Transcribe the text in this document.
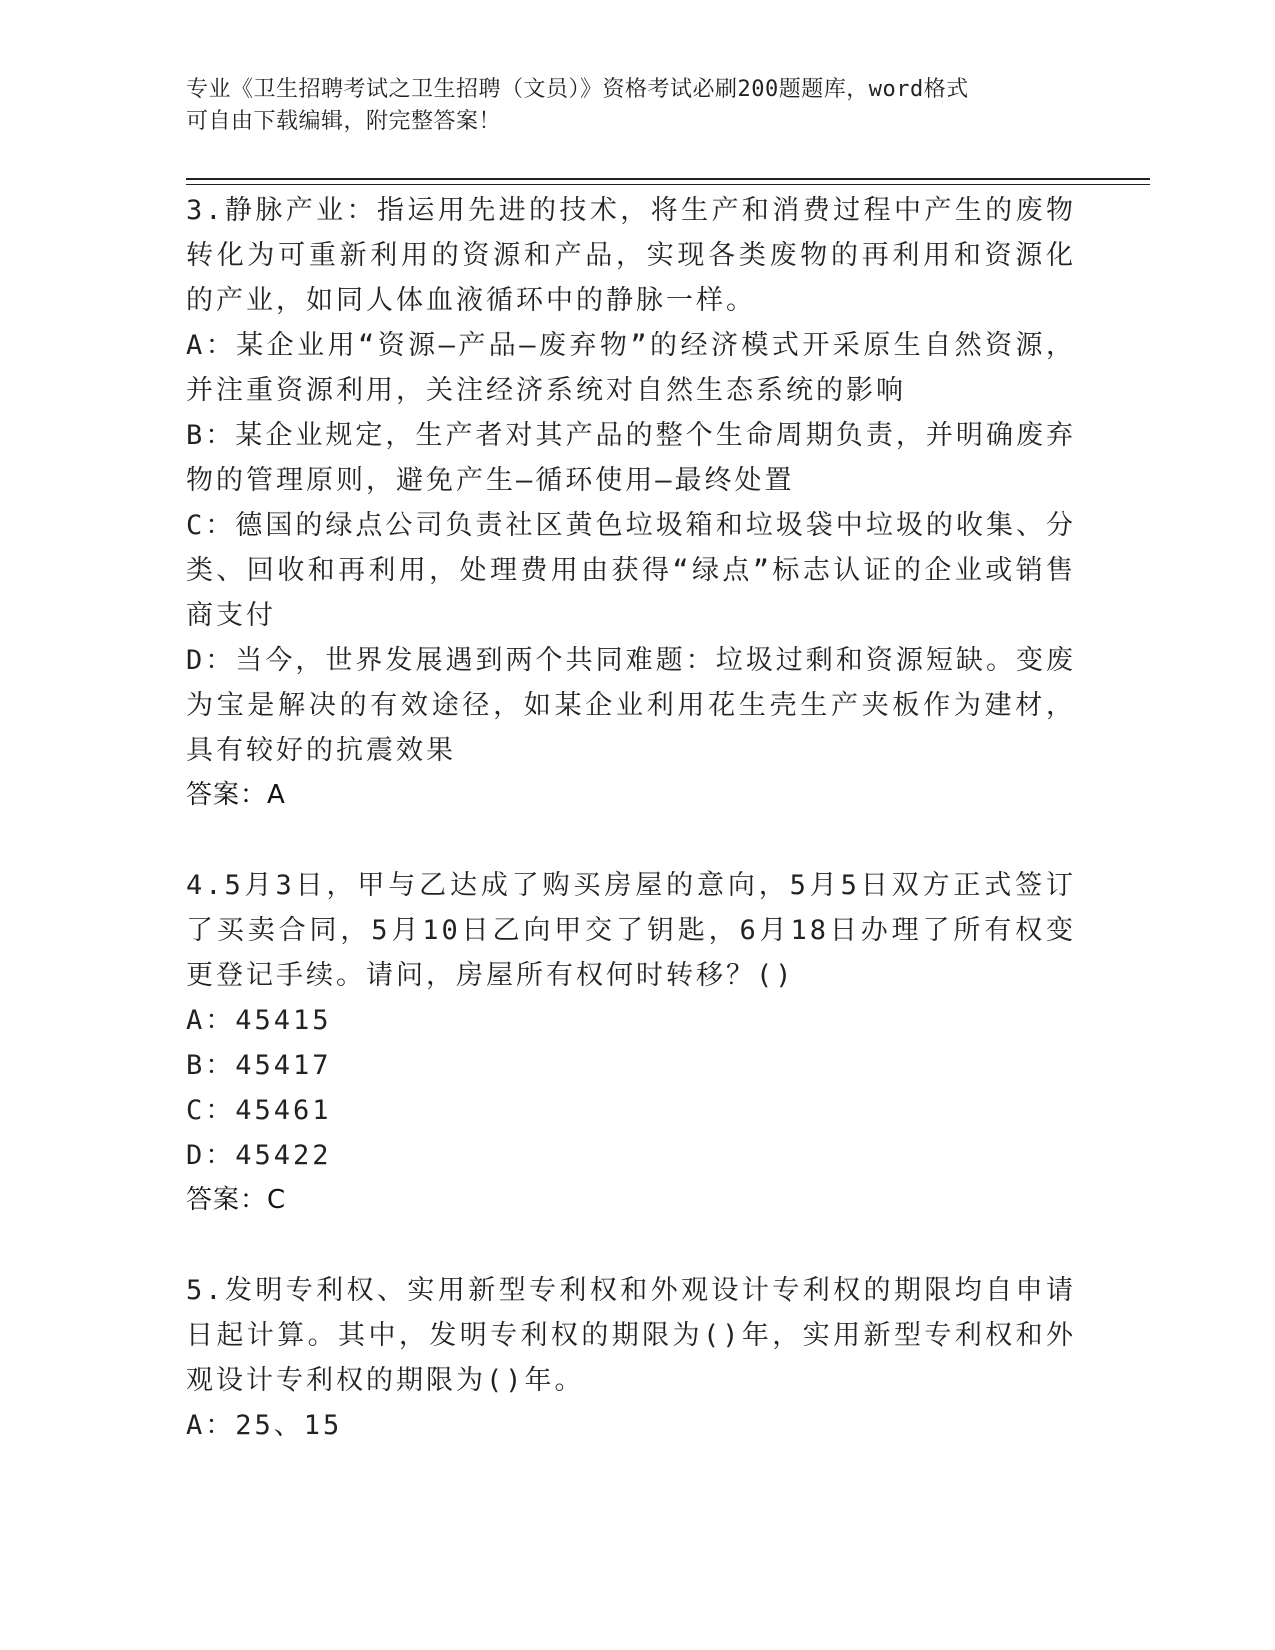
专业《卫生招聘考试之卫生招聘（文员）》资格考试必刷200题题库，word格式
可自由下载编辑，附完整答案！

3.静脉产业：指运用先进的技术，将生产和消费过程中产生的废物转化为可重新利用的资源和产品，实现各类废物的再利用和资源化的产业，如同人体血液循环中的静脉一样。

A：某企业用“资源—产品—废弃物”的经济模式开采原生自然资源，并注重资源利用，关注经济系统对自然生态系统的影响

B：某企业规定，生产者对其产品的整个生命周期负责，并明确废弃物的管理原则，避免产生—循环使用—最终处置

C：德国的绿点公司负责社区黄色垃圾箱和垃圾袋中垃圾的收集、分类、回收和再利用，处理费用由获得“绿点”标志认证的企业或销售商支付

D：当今，世界发展遇到两个共同难题：垃圾过剩和资源短缺。变废为宝是解决的有效途径，如某企业利用花生壳生产夹板作为建材，具有较好的抗震效果

答案：A

4.5月3日，甲与乙达成了购买房屋的意向，5月5日双方正式签订了买卖合同，5月10日乙向甲交了钥匙，6月18日办理了所有权变更登记手续。请问，房屋所有权何时转移？()

A：45415

B：45417

C：45461

D：45422

答案：C

5.发明专利权、实用新型专利权和外观设计专利权的期限均自申请日起计算。其中，发明专利权的期限为()年，实用新型专利权和外观设计专利权的期限为()年。

A：25、15
